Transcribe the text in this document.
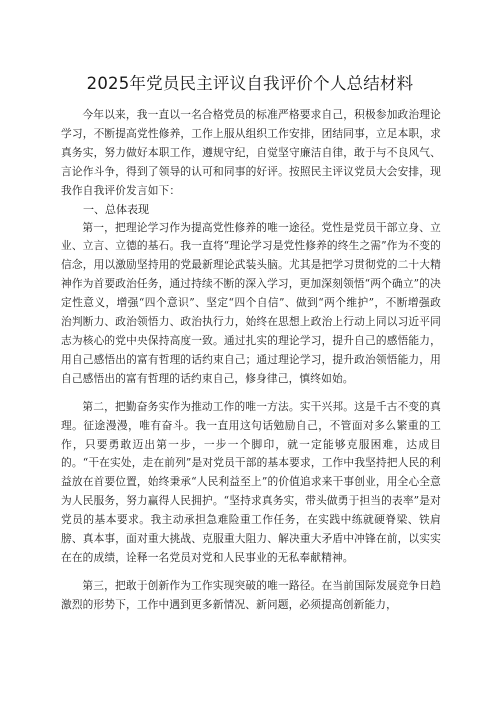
2025年党员民主评议自我评价个人总结材料

今年以来，我一直以一名合格党员的标准严格要求自己，积极参加政治理论学习，不断提高党性修养，工作上服从组织工作安排，团结同事，立足本职，求真务实，努力做好本职工作，遵规守纪，自觉坚守廉洁自律，敢于与不良风气、言论作斗争，得到了领导的认可和同事的好评。按照民主评议党员大会安排，现我作自我评价发言如下：

一、总体表现

第一，把理论学习作为提高党性修养的唯一途径。党性是党员干部立身、立业、立言、立德的基石。我一直将“理论学习是党性修养的终生之需”作为不变的信念，用以激励坚持用的党最新理论武装头脑。尤其是把学习贯彻党的二十大精神作为首要政治任务，通过持续不断的深入学习，更加深刻领悟“两个确立”的决定性意义，增强“四个意识”、坚定“四个自信”、做到“两个维护”，不断增强政治判断力、政治领悟力、政治执行力，始终在思想上政治上行动上同以习近平同志为核心的党中央保持高度一致。通过扎实的理论学习，提升自己的感悟能力，用自己感悟出的富有哲理的话约束自己；通过理论学习，提升政治领悟能力，用自己感悟出的富有哲理的话约束自己，修身律己，慎终如始。

第二，把勤奋务实作为推动工作的唯一方法。实干兴邦。这是千古不变的真理。征途漫漫，唯有奋斗。我一直用这句话勉励自己，不管面对多么繁重的工作，只要勇敢迈出第一步，一步一个脚印，就一定能够克服困难，达成目的。“干在实处，走在前列”是对党员干部的基本要求，工作中我坚持把人民的利益放在首要位置，始终秉承“人民利益至上”的价值追求来干事创业，用全心全意为人民服务，努力赢得人民拥护。“坚持求真务实，带头做勇于担当的表率”是对党员的基本要求。我主动承担急难险重工作任务，在实践中练就硬脊梁、铁肩膀、真本事，面对重大挑战、克服重大阻力、解决重大矛盾中冲锋在前，以实实在在的成绩，诠释一名党员对党和人民事业的无私奉献精神。

第三，把敢于创新作为工作实现突破的唯一路径。在当前国际发展竞争日趋激烈的形势下，工作中遇到更多新情况、新问题，必须提高创新能力，
